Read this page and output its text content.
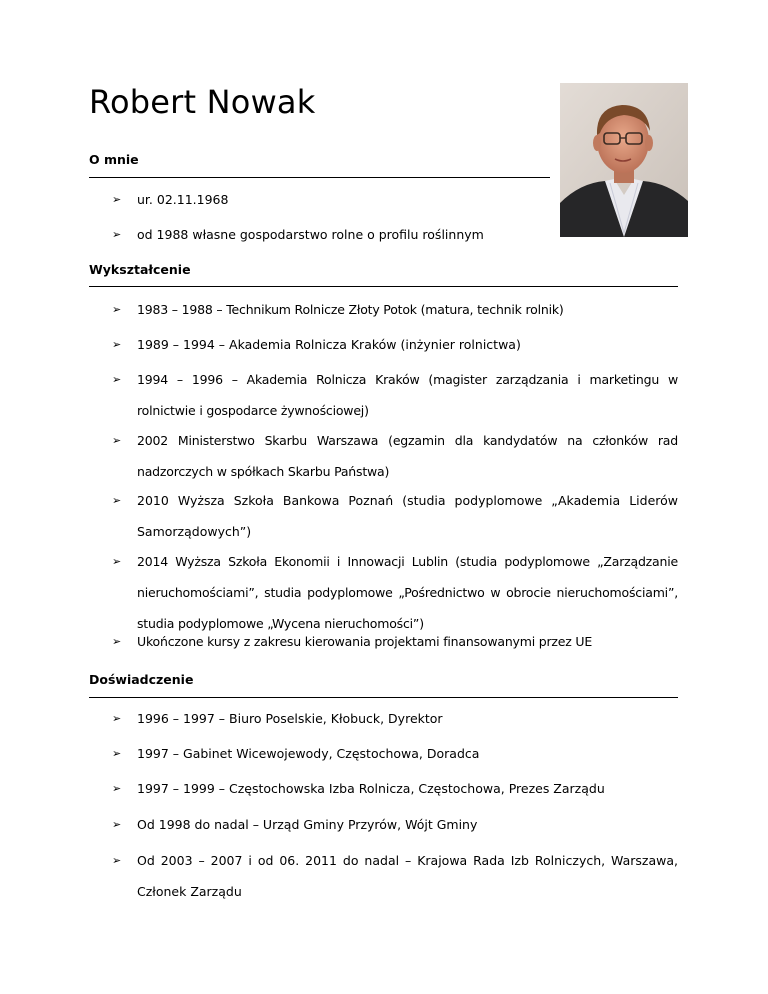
Robert Nowak
O mnie
➢	ur. 02.11.1968
➢	od 1988 własne gospodarstwo rolne o profilu roślinnym
Wykształcenie
➢	1983 – 1988 – Technikum Rolnicze Złoty Potok (matura, technik rolnik)
➢	1989 – 1994 – Akademia Rolnicza Kraków (inżynier rolnictwa)
➢	1994 – 1996 – Akademia Rolnicza Kraków (magister zarządzania i marketingu w rolnictwie i gospodarce żywnościowej)
➢	2002 Ministerstwo Skarbu Warszawa (egzamin dla kandydatów na członków rad nadzorczych w spółkach Skarbu Państwa)
➢	2010 Wyższa Szkoła Bankowa Poznań (studia podyplomowe „Akademia Liderów Samorządowych”)
➢	2014 Wyższa Szkoła Ekonomii i Innowacji Lublin (studia podyplomowe „Zarządzanie nieruchomościami”, studia podyplomowe „Pośrednictwo w obrocie nieruchomościami”, studia podyplomowe „Wycena nieruchomości”)
➢	Ukończone kursy z zakresu kierowania projektami finansowanymi przez UE
Doświadczenie
➢	1996 – 1997 – Biuro Poselskie, Kłobuck, Dyrektor
➢	1997 – Gabinet Wicewojewody, Częstochowa, Doradca
➢	1997 – 1999 – Częstochowska Izba Rolnicza, Częstochowa, Prezes Zarządu
➢	Od 1998 do nadal – Urząd Gminy Przyrów, Wójt Gminy
➢	Od 2003 – 2007 i od 06. 2011 do nadal – Krajowa Rada Izb Rolniczych, Warszawa, Członek Zarządu
